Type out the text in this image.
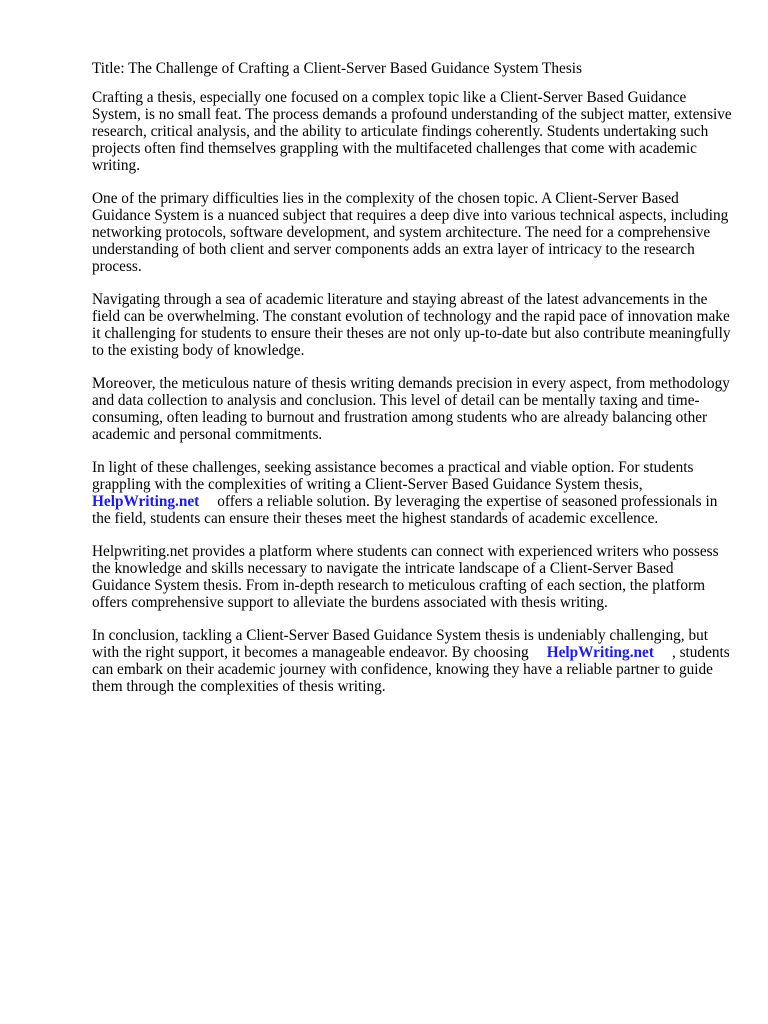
Title: The Challenge of Crafting a Client-Server Based Guidance System Thesis

Crafting a thesis, especially one focused on a complex topic like a Client-Server Based Guidance System, is no small feat. The process demands a profound understanding of the subject matter, extensive research, critical analysis, and the ability to articulate findings coherently. Students undertaking such projects often find themselves grappling with the multifaceted challenges that come with academic writing.

One of the primary difficulties lies in the complexity of the chosen topic. A Client-Server Based Guidance System is a nuanced subject that requires a deep dive into various technical aspects, including networking protocols, software development, and system architecture. The need for a comprehensive understanding of both client and server components adds an extra layer of intricacy to the research process.

Navigating through a sea of academic literature and staying abreast of the latest advancements in the field can be overwhelming. The constant evolution of technology and the rapid pace of innovation make it challenging for students to ensure their theses are not only up-to-date but also contribute meaningfully to the existing body of knowledge.

Moreover, the meticulous nature of thesis writing demands precision in every aspect, from methodology and data collection to analysis and conclusion. This level of detail can be mentally taxing and time-consuming, often leading to burnout and frustration among students who are already balancing other academic and personal commitments.

In light of these challenges, seeking assistance becomes a practical and viable option. For students grappling with the complexities of writing a Client-Server Based Guidance System thesis,
HelpWriting.net offers a reliable solution. By leveraging the expertise of seasoned professionals in the field, students can ensure their theses meet the highest standards of academic excellence.

Helpwriting.net provides a platform where students can connect with experienced writers who possess the knowledge and skills necessary to navigate the intricate landscape of a Client-Server Based Guidance System thesis. From in-depth research to meticulous crafting of each section, the platform offers comprehensive support to alleviate the burdens associated with thesis writing.

In conclusion, tackling a Client-Server Based Guidance System thesis is undeniably challenging, but with the right support, it becomes a manageable endeavor. By choosing HelpWriting.net , students can embark on their academic journey with confidence, knowing they have a reliable partner to guide them through the complexities of thesis writing.
